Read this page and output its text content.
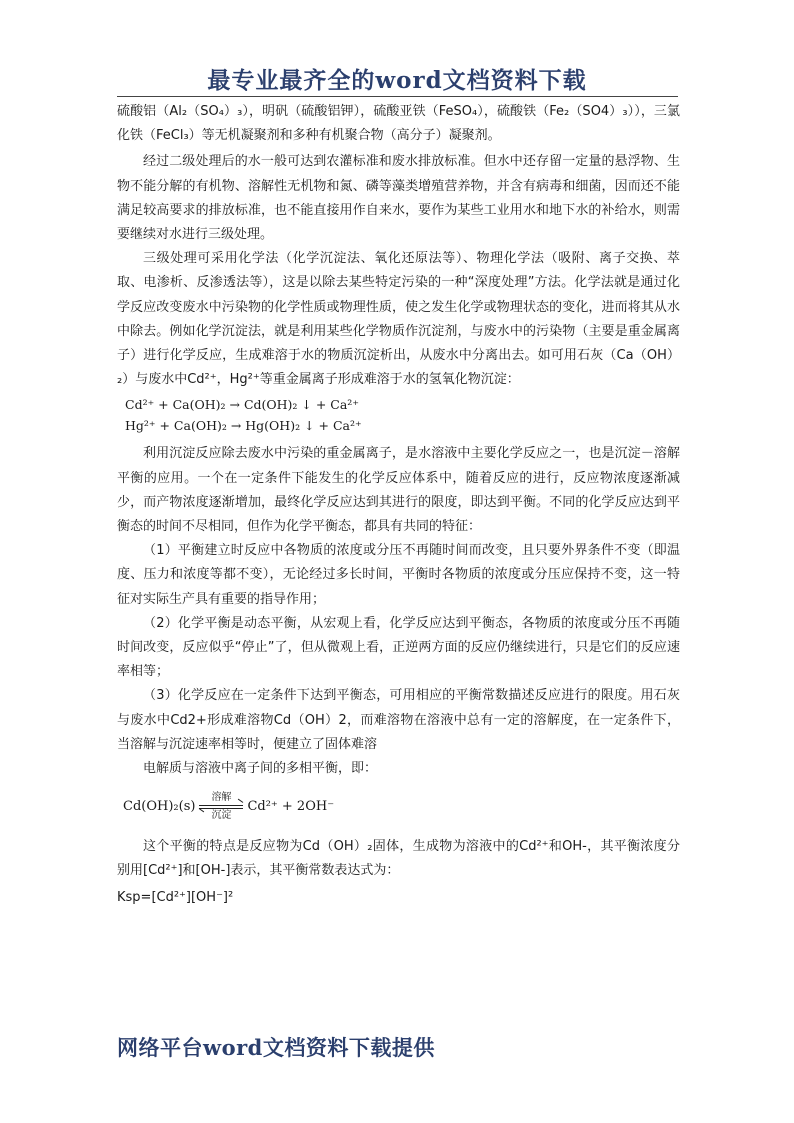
最专业最齐全的word文档资料下载

硫酸铝（Al₂（SO₄）₃），明矾（硫酸铝钾），硫酸亚铁（FeSO₄），硫酸铁（Fe₂（SO4）₃）），三氯化铁（FeCl₃）等无机凝聚剂和多种有机聚合物（高分子）凝聚剂。

经过二级处理后的水一般可达到农灌标准和废水排放标准。但水中还存留一定量的悬浮物、生物不能分解的有机物、溶解性无机物和氮、磷等藻类增殖营养物，并含有病毒和细菌，因而还不能满足较高要求的排放标准，也不能直接用作自来水，要作为某些工业用水和地下水的补给水，则需要继续对水进行三级处理。

三级处理可采用化学法（化学沉淀法、氧化还原法等）、物理化学法（吸附、离子交换、萃取、电渗析、反渗透法等），这是以除去某些特定污染的一种“深度处理”方法。化学法就是通过化学反应改变废水中污染物的化学性质或物理性质，使之发生化学或物理状态的变化，进而将其从水中除去。例如化学沉淀法，就是利用某些化学物质作沉淀剂，与废水中的污染物（主要是重金属离子）进行化学反应，生成难溶于水的物质沉淀析出，从废水中分离出去。如可用石灰（Ca（OH）₂）与废水中Cd²⁺，Hg²⁺等重金属离子形成难溶于水的氢氧化物沉淀：

Cd²⁺ + Ca(OH)₂ → Cd(OH)₂ ↓ + Ca²⁺
Hg²⁺ + Ca(OH)₂ → Hg(OH)₂ ↓ + Ca²⁺

利用沉淀反应除去废水中污染的重金属离子，是水溶液中主要化学反应之一，也是沉淀－溶解平衡的应用。一个在一定条件下能发生的化学反应体系中，随着反应的进行，反应物浓度逐渐减少，而产物浓度逐渐增加，最终化学反应达到其进行的限度，即达到平衡。不同的化学反应达到平衡态的时间不尽相同，但作为化学平衡态，都具有共同的特征：

（1）平衡建立时反应中各物质的浓度或分压不再随时间而改变，且只要外界条件不变（即温度、压力和浓度等都不变），无论经过多长时间，平衡时各物质的浓度或分压应保持不变，这一特征对实际生产具有重要的指导作用；

（2）化学平衡是动态平衡，从宏观上看，化学反应达到平衡态，各物质的浓度或分压不再随时间改变，反应似乎“停止”了，但从微观上看，正逆两方面的反应仍继续进行，只是它们的反应速率相等；

（3）化学反应在一定条件下达到平衡态，可用相应的平衡常数描述反应进行的限度。用石灰与废水中Cd2+形成难溶物Cd（OH）2，而难溶物在溶液中总有一定的溶解度，在一定条件下，当溶解与沉淀速率相等时，便建立了固体难溶

电解质与溶液中离子间的多相平衡，即：

Cd(OH)₂(s)
溶解
沉淀
Cd²⁺ + 2OH⁻

这个平衡的特点是反应物为Cd（OH）₂固体，生成物为溶液中的Cd²⁺和OH-，其平衡浓度分别用[Cd²⁺]和[OH-]表示，其平衡常数表达式为：

Ksp=[Cd²⁺][OH⁻]²

网络平台word文档资料下载提供
